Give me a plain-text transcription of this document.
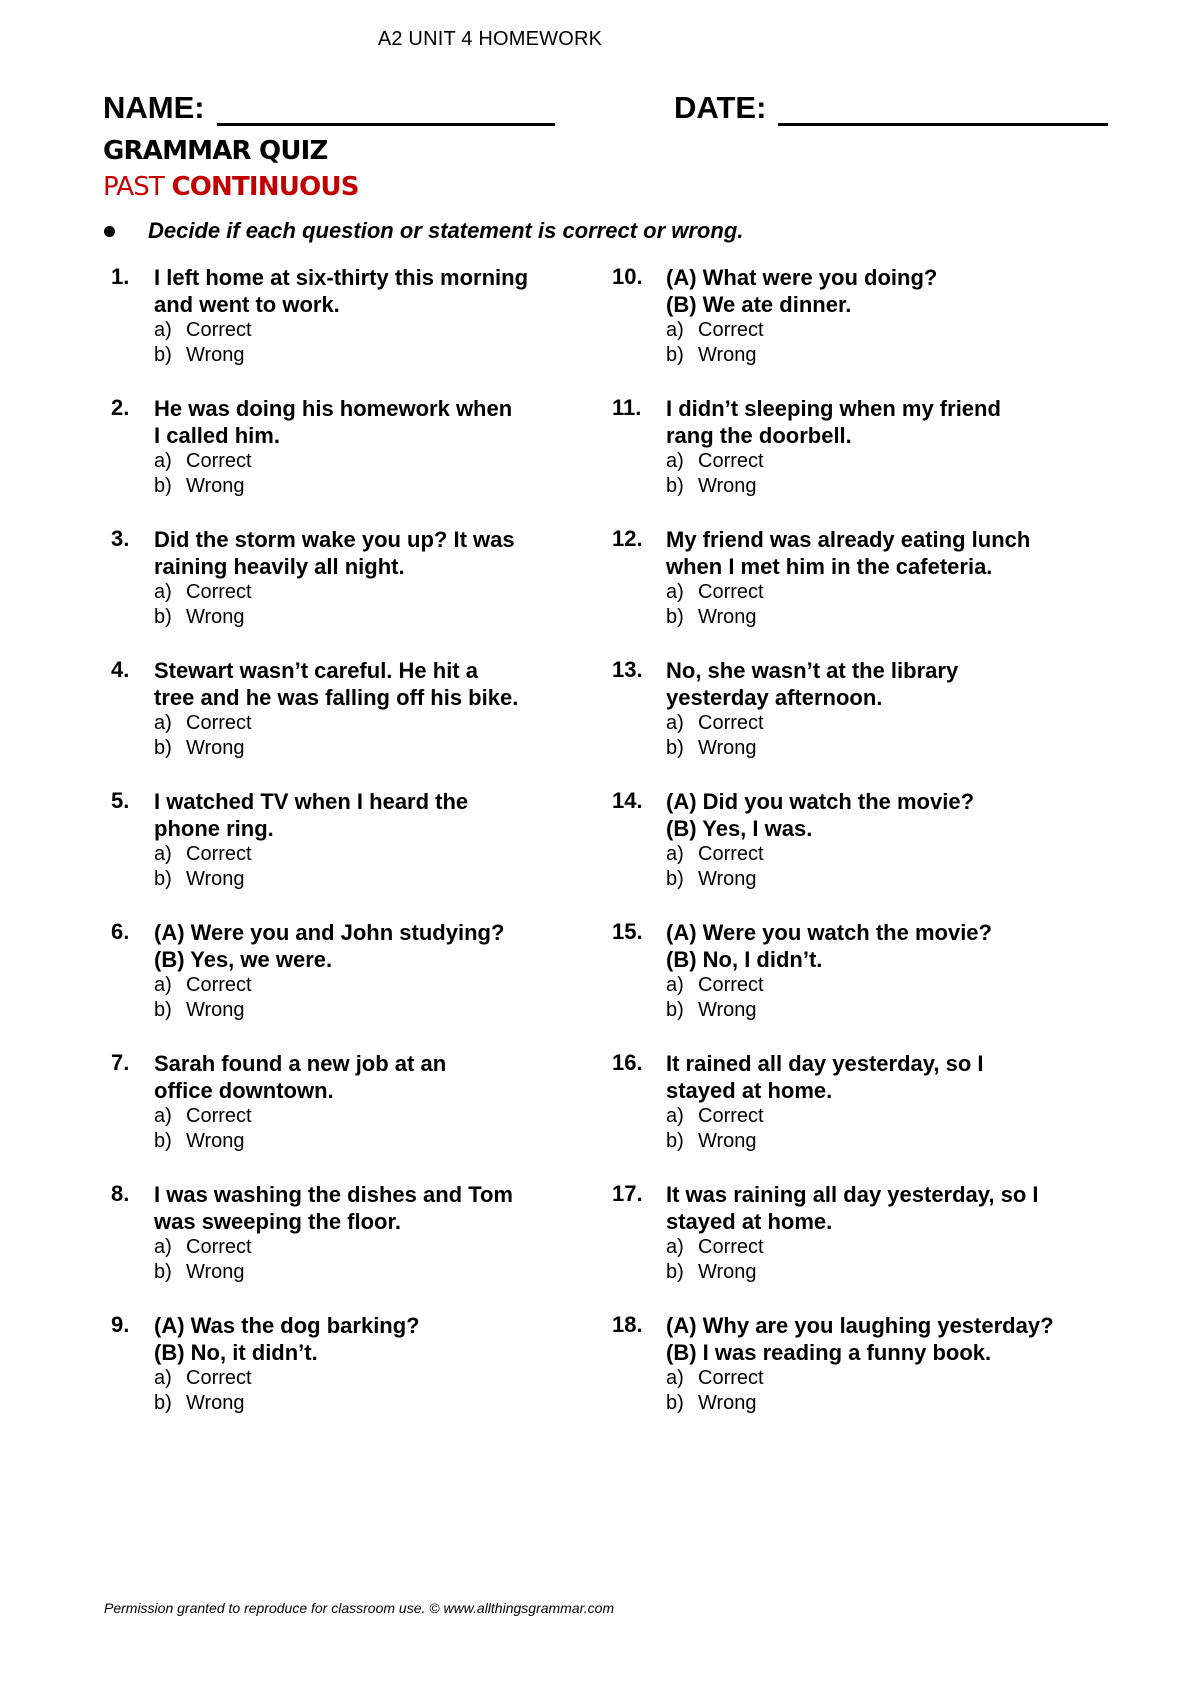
A2 UNIT 4 HOMEWORK
NAME:	DATE:
GRAMMAR QUIZ
PAST CONTINUOUS
Decide if each question or statement is correct or wrong.
1. I left home at six-thirty this morning
and went to work.
a) Correct
b) Wrong
2. He was doing his homework when
I called him.
a) Correct
b) Wrong
3. Did the storm wake you up? It was
raining heavily all night.
a) Correct
b) Wrong
4. Stewart wasn’t careful. He hit a
tree and he was falling off his bike.
a) Correct
b) Wrong
5. I watched TV when I heard the
phone ring.
a) Correct
b) Wrong
6. (A) Were you and John studying?
(B) Yes, we were.
a) Correct
b) Wrong
7. Sarah found a new job at an
office downtown.
a) Correct
b) Wrong
8. I was washing the dishes and Tom
was sweeping the floor.
a) Correct
b) Wrong
9. (A) Was the dog barking?
(B) No, it didn’t.
a) Correct
b) Wrong
10. (A) What were you doing?
(B) We ate dinner.
a) Correct
b) Wrong
11. I didn’t sleeping when my friend
rang the doorbell.
a) Correct
b) Wrong
12. My friend was already eating lunch
when I met him in the cafeteria.
a) Correct
b) Wrong
13. No, she wasn’t at the library
yesterday afternoon.
a) Correct
b) Wrong
14. (A) Did you watch the movie?
(B) Yes, I was.
a) Correct
b) Wrong
15. (A) Were you watch the movie?
(B) No, I didn’t.
a) Correct
b) Wrong
16. It rained all day yesterday, so I
stayed at home.
a) Correct
b) Wrong
17. It was raining all day yesterday, so I
stayed at home.
a) Correct
b) Wrong
18. (A) Why are you laughing yesterday?
(B) I was reading a funny book.
a) Correct
b) Wrong
Permission granted to reproduce for classroom use. © www.allthingsgrammar.com
